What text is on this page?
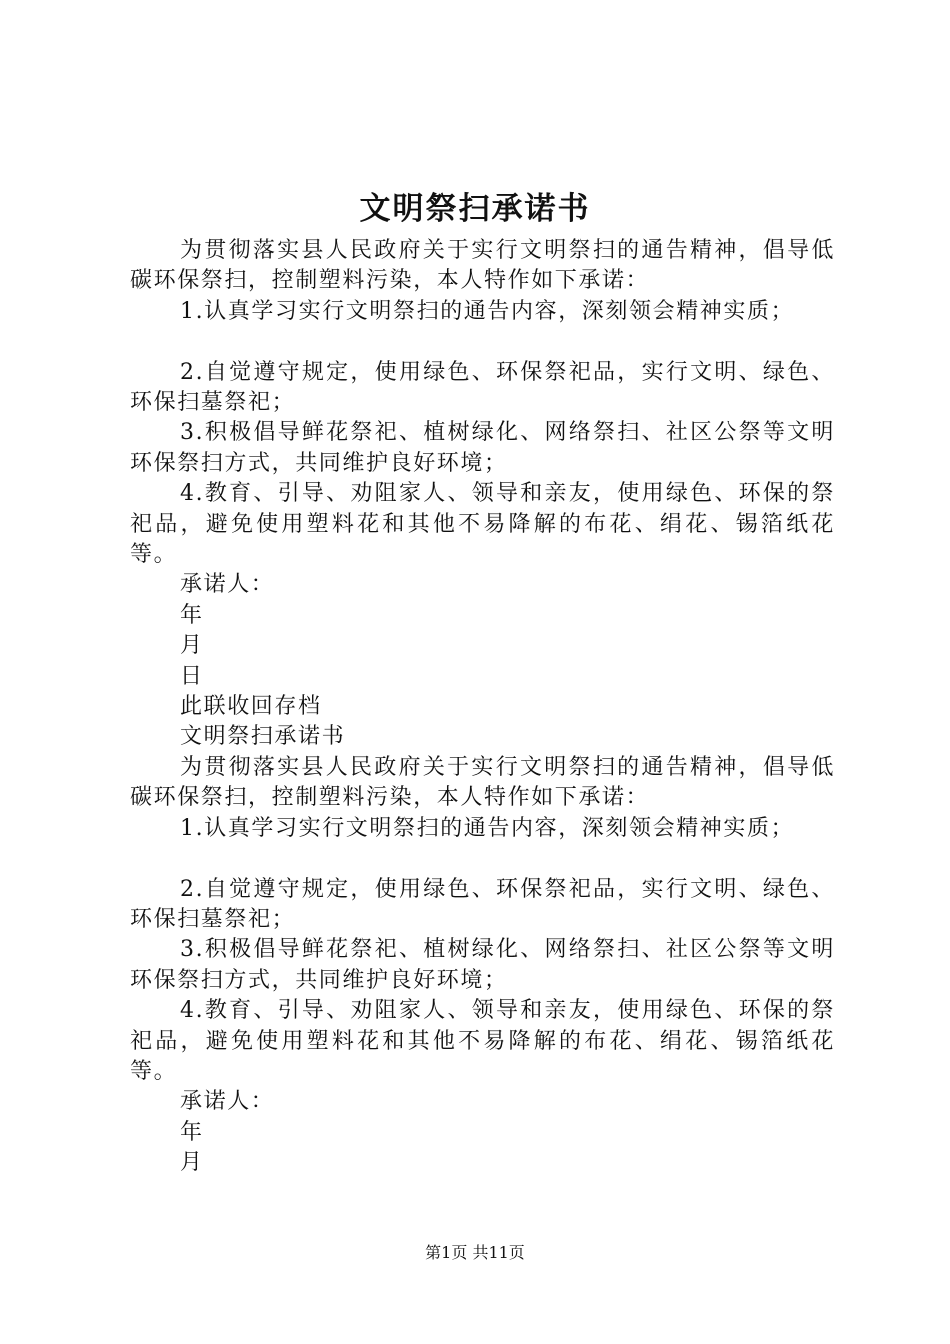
文明祭扫承诺书

为贯彻落实县人民政府关于实行文明祭扫的通告精神，倡导低碳环保祭扫，控制塑料污染，本人特作如下承诺：

1.认真学习实行文明祭扫的通告内容，深刻领会精神实质；

2.自觉遵守规定，使用绿色、环保祭祀品，实行文明、绿色、环保扫墓祭祀；

3.积极倡导鲜花祭祀、植树绿化、网络祭扫、社区公祭等文明环保祭扫方式，共同维护良好环境；

4.教育、引导、劝阻家人、领导和亲友，使用绿色、环保的祭祀品，避免使用塑料花和其他不易降解的布花、绢花、锡箔纸花等。

承诺人：

年

月

日

此联收回存档

文明祭扫承诺书

为贯彻落实县人民政府关于实行文明祭扫的通告精神，倡导低碳环保祭扫，控制塑料污染，本人特作如下承诺：

1.认真学习实行文明祭扫的通告内容，深刻领会精神实质；

2.自觉遵守规定，使用绿色、环保祭祀品，实行文明、绿色、环保扫墓祭祀；

3.积极倡导鲜花祭祀、植树绿化、网络祭扫、社区公祭等文明环保祭扫方式，共同维护良好环境；

4.教育、引导、劝阻家人、领导和亲友，使用绿色、环保的祭祀品，避免使用塑料花和其他不易降解的布花、绢花、锡箔纸花等。

承诺人：

年

月

第1页 共11页
